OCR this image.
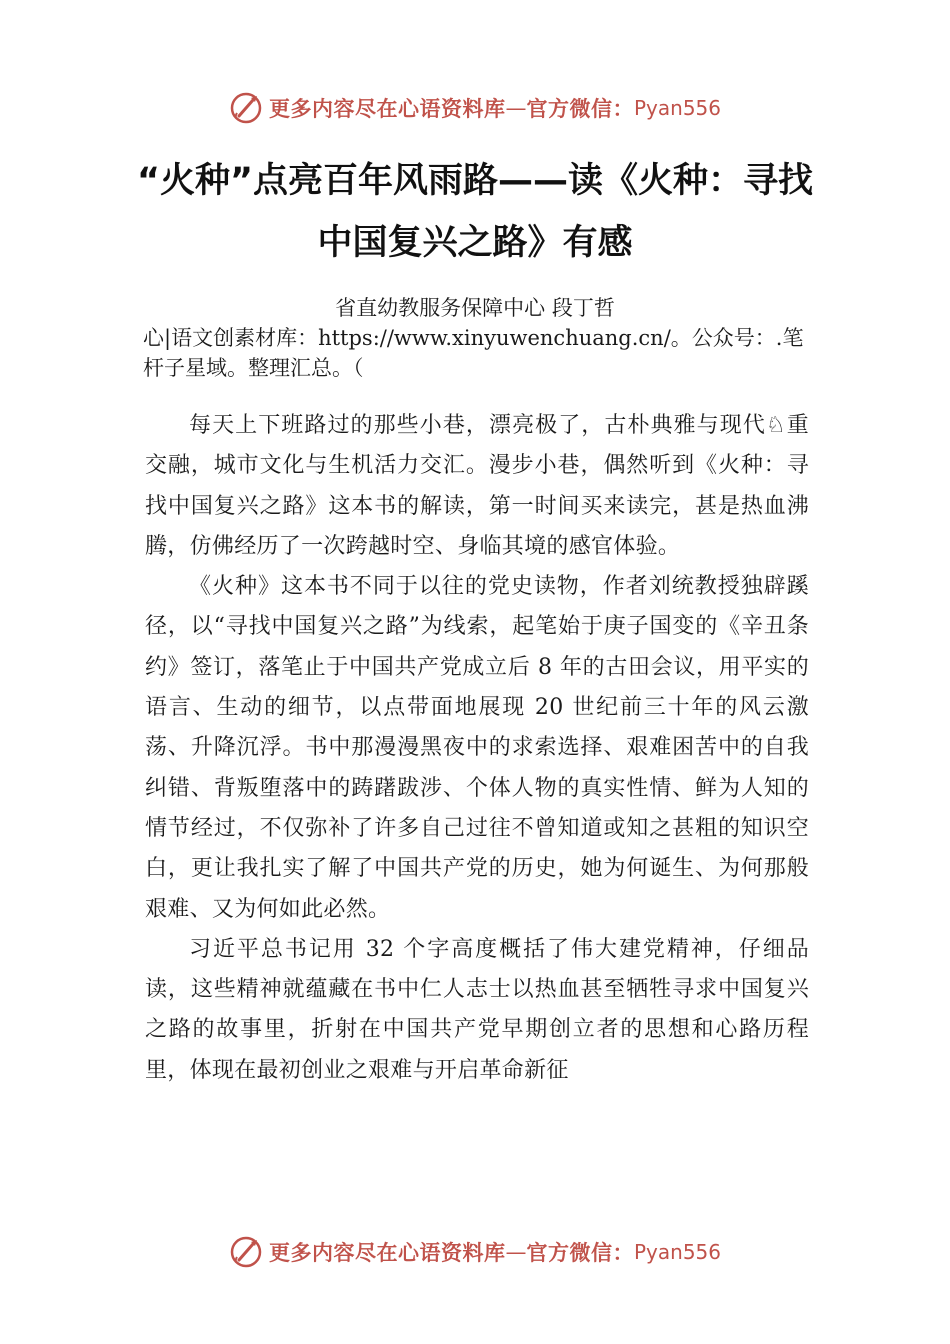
更多内容尽在心语资料库 — 官方微信： Pyan556
“火种”点亮百年风雨路——读《火种：寻找
中国复兴之路》有感
省直幼教服务保障中心 段丁哲
心|语文创素材库：https://www.xinyuwenchuang.cn/。公众号：.笔杆子星域。整理汇总。（

每天上下班路过的那些小巷，漂亮极了，古朴典雅与现代♘重交融，城市文化与生机活力交汇。漫步小巷，偶然听到《火种：寻找中国复兴之路》这本书的解读，第一时间买来读完，甚是热血沸腾，仿佛经历了一次跨越时空、身临其境的感官体验。

《火种》这本书不同于以往的党史读物，作者刘统教授独辟蹊径，以“寻找中国复兴之路”为线索，起笔始于庚子国变的《辛丑条约》签订，落笔止于中国共产党成立后 8 年的古田会议，用平实的语言、生动的细节，以点带面地展现 20 世纪前三十年的风云激荡、升降沉浮。书中那漫漫黑夜中的求索选择、艰难困苦中的自我纠错、背叛堕落中的踌躇跋涉、个体人物的真实性情、鲜为人知的情节经过，不仅弥补了许多自己过往不曾知道或知之甚粗的知识空白，更让我扎实了解了中国共产党的历史，她为何诞生、为何那般艰难、又为何如此必然。

习近平总书记用 32 个字高度概括了伟大建党精神，仔细品读，这些精神就蕴藏在书中仁人志士以热血甚至牺牲寻求中国复兴之路的故事里，折射在中国共产党早期创立者的思想和心路历程里，体现在最初创业之艰难与开启革命新征

更多内容尽在心语资料库 — 官方微信： Pyan556
